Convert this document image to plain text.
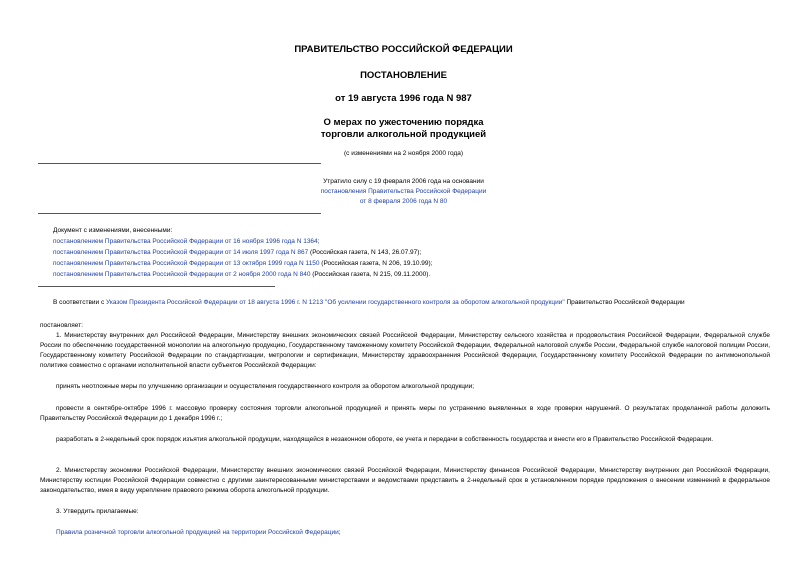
ПРАВИТЕЛЬСТВО РОССИЙСКОЙ ФЕДЕРАЦИИ
ПОСТАНОВЛЕНИЕ
от 19 августа 1996 года N 987
О мерах по ужесточению порядка
торговли алкогольной продукцией
(с изменениями на 2 ноября 2000 года)
Утратило силу с 19 февраля 2006 года на основании
постановления Правительства Российской Федерации
от 8 февраля 2006 года N 80
Документ с изменениями, внесенными:
постановлением Правительства Российской Федерации от 16 ноября 1996 года N 1364;
постановлением Правительства Российской Федерации от 14 июля 1997 года N 867 (Российская газета, N 143, 26.07.97);
постановлением Правительства Российской Федерации от 13 октября 1999 года N 1150 (Российская газета, N 206, 19.10.99);
постановлением Правительства Российской Федерации от 2 ноября 2000 года N 840 (Российская газета, N 215, 09.11.2000).
В соответствии с Указом Президента Российской Федерации от 18 августа 1996 г. N 1213 "Об усилении государственного контроля за оборотом алкогольной продукции" Правительство Российской Федерации
постановляет:
1. Министерству внутренних дел Российской Федерации, Министерству внешних экономических связей Российской Федерации, Министерству сельского хозяйства и продовольствия Российской Федерации, Федеральной службе России по обеспечению государственной монополии на алкогольную продукцию, Государственному таможенному комитету Российской Федерации, Федеральной налоговой службе России, Федеральной службе налоговой полиции России, Государственному комитету Российской Федерации по стандартизации, метрологии и сертификации, Министерству здравоохранения Российской Федерации, Государственному комитету Российской Федерации по антимонопольной политике совместно с органами исполнительной власти субъектов Российской Федерации:
принять неотложные меры по улучшению организации и осуществления государственного контроля за оборотом алкогольной продукции;
провести в сентябре-октябре 1996 г. массовую проверку состояния торговли алкогольной продукцией и принять меры по устранению выявленных в ходе проверки нарушений. О результатах проделанной работы доложить Правительству Российской Федерации до 1 декабря 1996 г.;
разработать в 2-недельный срок порядок изъятия алкогольной продукции, находящейся в незаконном обороте, ее учета и передачи в собственность государства и внести его в Правительство Российской Федерации.
2. Министерству экономики Российской Федерации, Министерству внешних экономических связей Российской Федерации, Министерству финансов Российской Федерации, Министерству внутренних дел Российской Федерации, Министерству юстиции Российской Федерации совместно с другими заинтересованными министерствами и ведомствами представить в 2-недельный срок в установленном порядке предложения о внесении изменений в федеральное законодательство, имея в виду укрепление правового режима оборота алкогольной продукции.
3. Утвердить прилагаемые:
Правила розничной торговли алкогольной продукцией на территории Российской Федерации;
